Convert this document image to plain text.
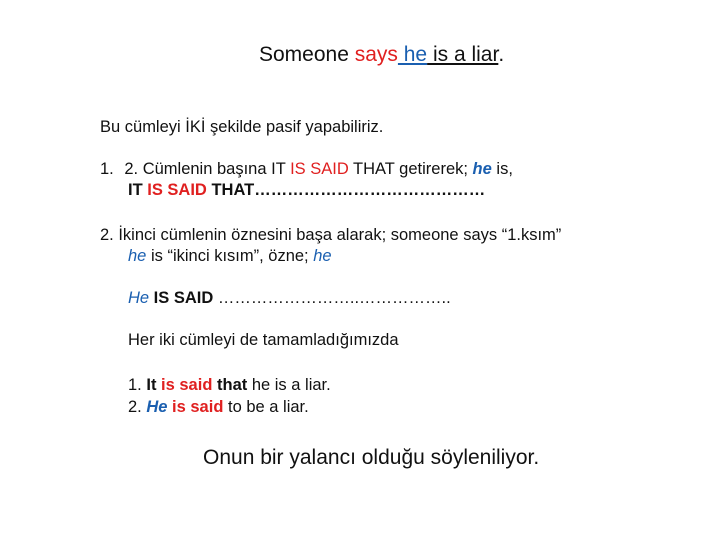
Someone says he is a liar.
Bu cümleyi İKİ şekilde pasif yapabiliriz.
1. 2. Cümlenin başına IT IS SAID THAT getirerek; he is,
IT IS SAID THAT……………………………………
2. İkinci cümlenin öznesini başa alarak; someone says “1.ksım”
he is “ikinci kısım”, özne; he
He IS SAID ……………………..……………..
Her iki cümleyi de tamamladığımızda
1. It is said that he is a liar.
2. He is said to be a liar.
Onun bir yalancı olduğu söyleniliyor.
